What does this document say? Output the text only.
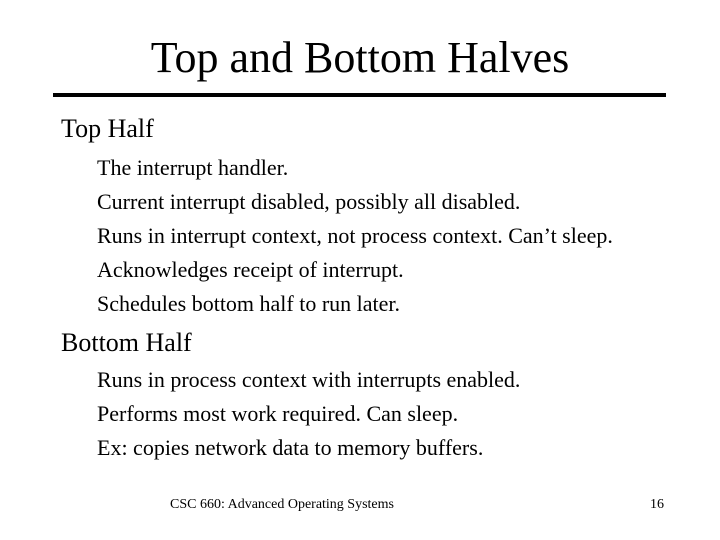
Top and Bottom Halves
Top Half
The interrupt handler.
Current interrupt disabled, possibly all disabled.
Runs in interrupt context, not process context. Can’t sleep.
Acknowledges receipt of interrupt.
Schedules bottom half to run later.
Bottom Half
Runs in process context with interrupts enabled.
Performs most work required. Can sleep.
Ex: copies network data to memory buffers.
CSC 660: Advanced Operating Systems	16
